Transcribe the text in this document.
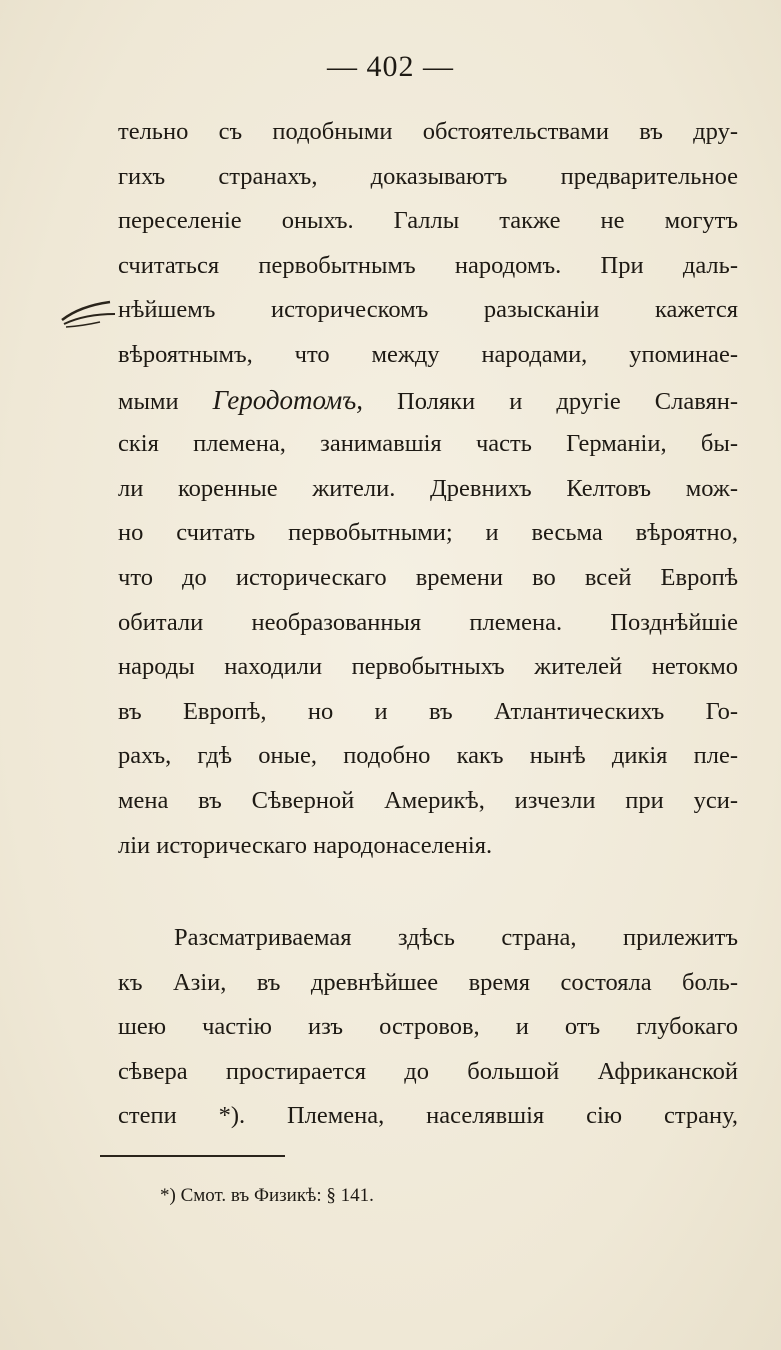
— 402 —
тельно съ подобными обстоятельствами въ дру-
гихъ странахъ, доказываютъ предварительное
переселенiе оныхъ. Галлы также не могутъ
считаться первобытнымъ народомъ. При даль-
нѣйшемъ историческомъ разысканiи кажется
вѣроятнымъ, что между народами, упоминае-
мыми Геродотомъ, Поляки и другiе Славян-
скiя племена, занимавшiя часть Германiи, бы-
ли коренные жители. Древнихъ Келтовъ мож-
но считать первобытными; и весьма вѣроятно,
что до историческаго времени во всей Европѣ
обитали необразованныя племена. Позднѣйшiе
народы находили первобытныхъ жителей нетокмо
въ Европѣ, но и въ Атлантическихъ Го-
рахъ, гдѣ оные, подобно какъ нынѣ дикiя пле-
мена въ Сѣверной Америкѣ, изчезли при уси-
лiи историческаго народонаселенiя.
Разсматриваемая здѣсь страна, прилежитъ
къ Азiи, въ древнѣйшее время состояла боль-
шею частiю изъ островов, и отъ глубокаго
сѣвера простирается до большой Африканской
степи *). Племена, населявшiя сiю страну,
*) Смот. въ Физикѣ: § 141.
